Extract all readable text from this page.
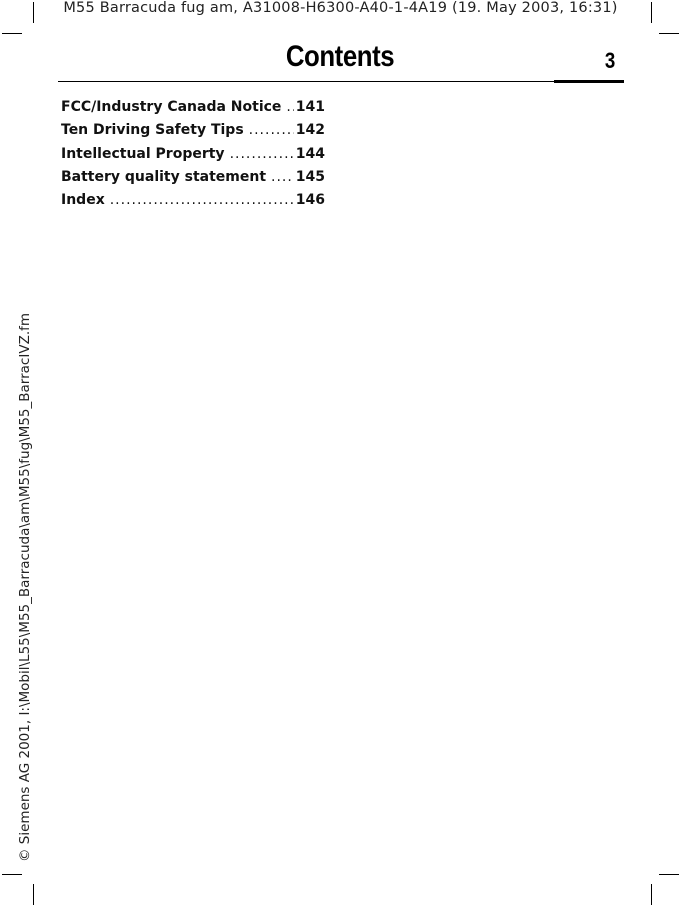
M55 Barracuda fug am, A31008-H6300-A40-1-4A19 (19. May 2003, 16:31)
Contents	3
FCC/Industry Canada Notice ..... 141
Ten Driving Safety Tips .....	142
Intellectual Property .....	144
Battery quality statement ..... 145
Index .....	146
© Siemens AG 2001, I:\Mobil\L55\M55_Barracuda\am\M55\fug\M55_BarracIVZ.fm
